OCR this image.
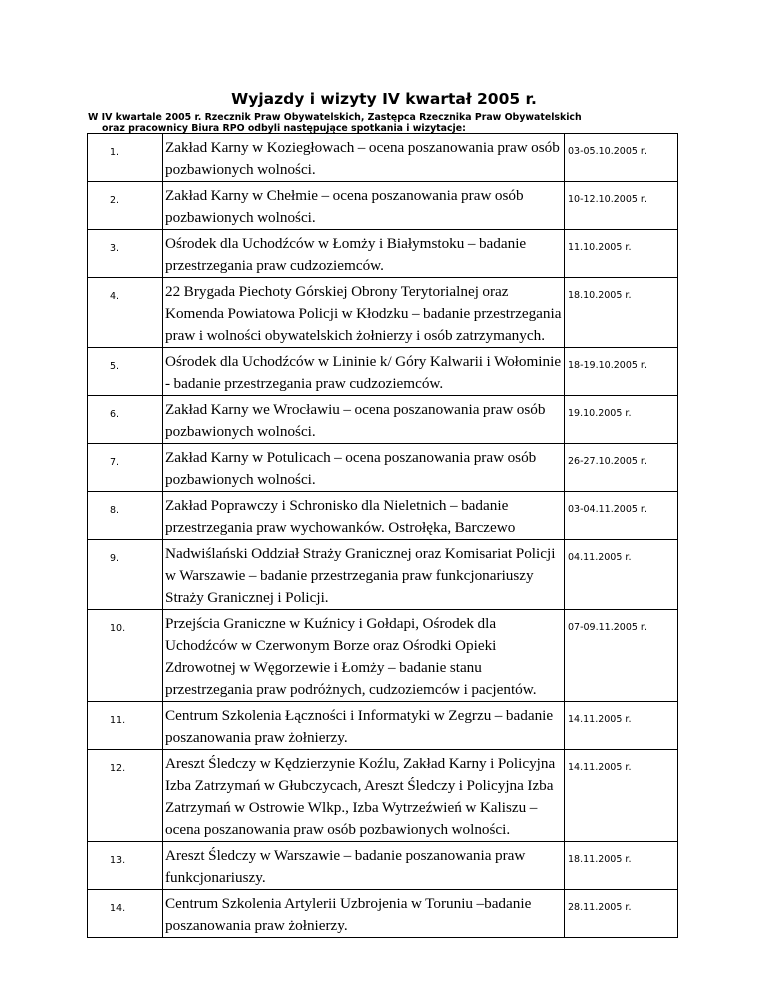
Wyjazdy i wizyty IV kwartał 2005 r.

W IV kwartale 2005 r. Rzecznik Praw Obywatelskich, Zastępca Rzecznika Praw Obywatelskich
oraz pracownicy Biura RPO odbyli następujące spotkania i wizytacje:

1.	Zakład Karny w Koziegłowach – ocena poszanowania praw osób pozbawionych wolności.	03-05.10.2005 r.
2.	Zakład Karny w Chełmie – ocena poszanowania praw osób pozbawionych wolności.	10-12.10.2005 r.
3.	Ośrodek dla Uchodźców w Łomży i Białymstoku – badanie przestrzegania praw cudzoziemców.	11.10.2005 r.
4.	22 Brygada Piechoty Górskiej Obrony Terytorialnej oraz Komenda Powiatowa Policji w Kłodzku – badanie przestrzegania praw i wolności obywatelskich żołnierzy i osób zatrzymanych.	18.10.2005 r.
5.	Ośrodek dla Uchodźców w Lininie k/ Góry Kalwarii i Wołominie - badanie przestrzegania praw cudzoziemców.	18-19.10.2005 r.
6.	Zakład Karny we Wrocławiu – ocena poszanowania praw osób pozbawionych wolności.	19.10.2005 r.
7.	Zakład Karny w Potulicach – ocena poszanowania praw osób pozbawionych wolności.	26-27.10.2005 r.
8.	Zakład Poprawczy i Schronisko dla Nieletnich – badanie przestrzegania praw wychowanków. Ostrołęka, Barczewo	03-04.11.2005 r.
9.	Nadwiślański Oddział Straży Granicznej oraz Komisariat Policji w Warszawie – badanie przestrzegania praw funkcjonariuszy Straży Granicznej i Policji.	04.11.2005 r.
10.	Przejścia Graniczne w Kuźnicy i Gołdapi, Ośrodek dla Uchodźców w Czerwonym Borze oraz Ośrodki Opieki Zdrowotnej w Węgorzewie i Łomży – badanie stanu przestrzegania praw podróżnych, cudzoziemców i pacjentów.	07-09.11.2005 r.
11.	Centrum Szkolenia Łączności i Informatyki w Zegrzu – badanie poszanowania praw żołnierzy.	14.11.2005 r.
12.	Areszt Śledczy w Kędzierzynie Koźlu, Zakład Karny i Policyjna Izba Zatrzymań w Głubczycach, Areszt Śledczy i Policyjna Izba Zatrzymań w Ostrowie Wlkp., Izba Wytrzeźwień w Kaliszu – ocena poszanowania praw osób pozbawionych wolności.	14.11.2005 r.
13.	Areszt Śledczy w Warszawie – badanie poszanowania praw funkcjonariuszy.	18.11.2005 r.
14.	Centrum Szkolenia Artylerii Uzbrojenia w Toruniu –badanie poszanowania praw żołnierzy.	28.11.2005 r.
